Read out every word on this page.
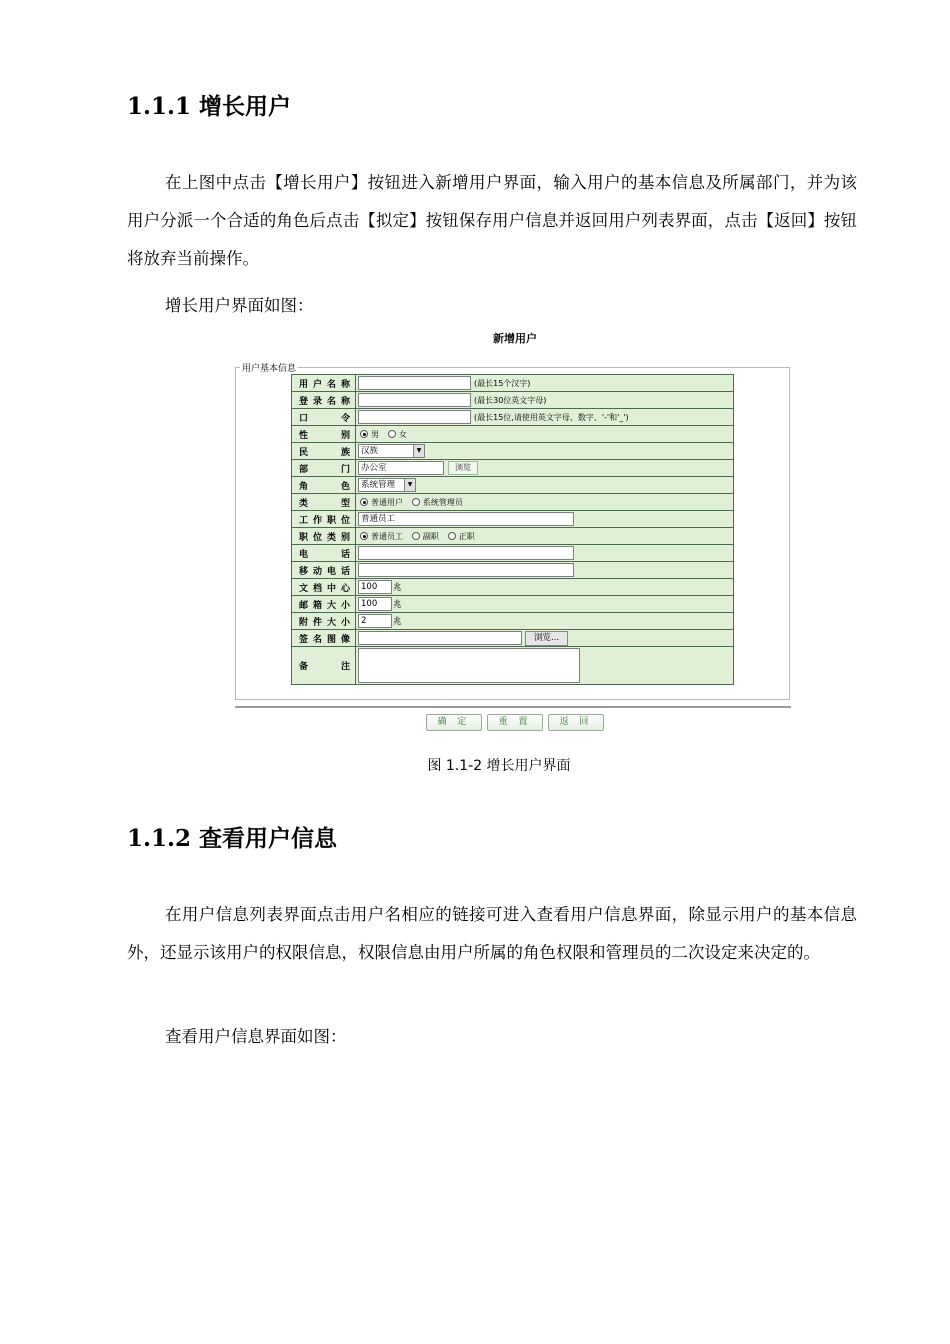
1.1.1 增长用户

在上图中点击【增长用户】按钮进入新增用户界面，输入用户的基本信息及所属部门，并为该用户分派一个合适的角色后点击【拟定】按钮保存用户信息并返回用户列表界面，点击【返回】按钮将放弃当前操作。

增长用户界面如图：

新增用户
用户基本信息
用户名称	(最长15个汉字)
登录名称	(最长30位英文字母)
口　　令	(最长15位,请使用英文字母、数字、'-'和'_')
性　　别	男 女
民　　族	汉族 ▼

部　　门	办公室 浏览
角　　色	系统管理 ▼

类　　型	普通用户 系统管理员
工作职位	普通员工
职位类别	普通员工 副职 正职
电　　话	
移动电话	
文档中心	100 兆
邮箱大小	100 兆
附件大小	2 兆
签名图像	浏览...
备　　注	
确 定	重 置	返 回
图 1.1-2 增长用户界面
1.1.2 查看用户信息

在用户信息列表界面点击用户名相应的链接可进入查看用户信息界面，除显示用户的基本信息外，还显示该用户的权限信息，权限信息由用户所属的角色权限和管理员的二次设定来决定的。

查看用户信息界面如图：
